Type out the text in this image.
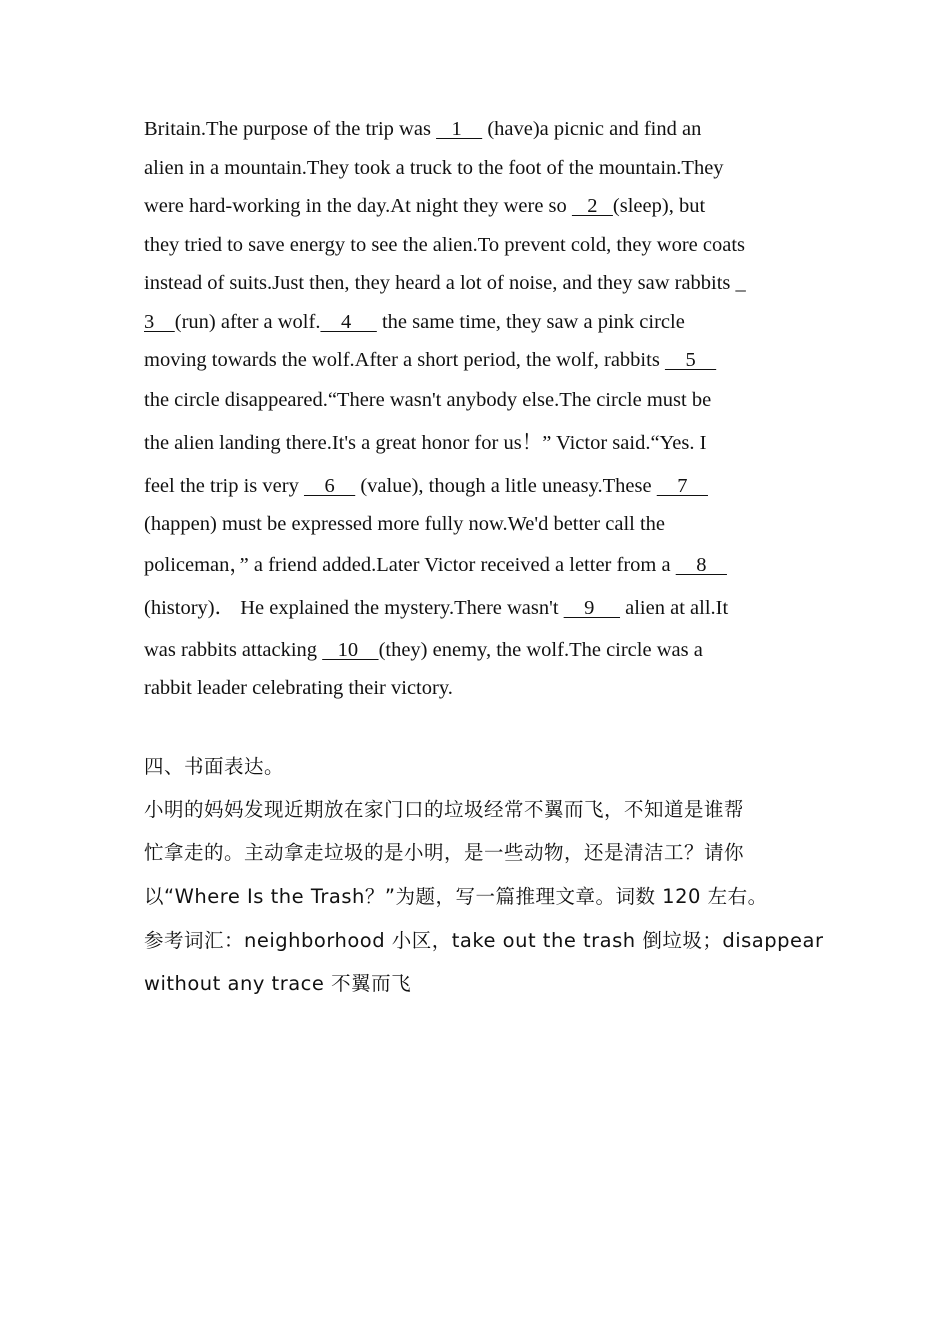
Britain.The purpose of the trip was    1     (have)a picnic and find an
alien in a mountain.They took a truck to the foot of the mountain.They
were hard-working in the day.At night they were so    2   (sleep), but
they tried to save energy to see the alien.To prevent cold, they wore coats
instead of suits.Just then, they heard a lot of noise, and they saw rabbits _
3    (run) after a wolf.    4      the same time, they saw a pink circle
moving towards the wolf.After a short period, the wolf, rabbits     5
the circle disappeared.“There wasn't anybody else.The circle must be
the alien landing there.It's a great honor for us！” Victor said.“Yes. I
feel the trip is very     6     (value), though a litle uneasy.These     7
(happen) must be expressed more fully now.We'd better call the
policeman，” a friend added.Later Victor received a letter from a     8
(history)． He explained the mystery.There wasn't     9      alien at all.It
was rabbits attacking    10    (they) enemy, the wolf.The circle was a
rabbit leader celebrating their victory.
四、书面表达。
小明的妈妈发现近期放在家门口的垃圾经常不翼而飞，不知道是谁帮
忙拿走的。主动拿走垃圾的是小明，是一些动物，还是清洁工？请你
以“Where Is the Trash？”为题，写一篇推理文章。词数 120 左右。
参考词汇：neighborhood 小区，take out the trash 倒垃圾；disappear
without any trace 不翼而飞
